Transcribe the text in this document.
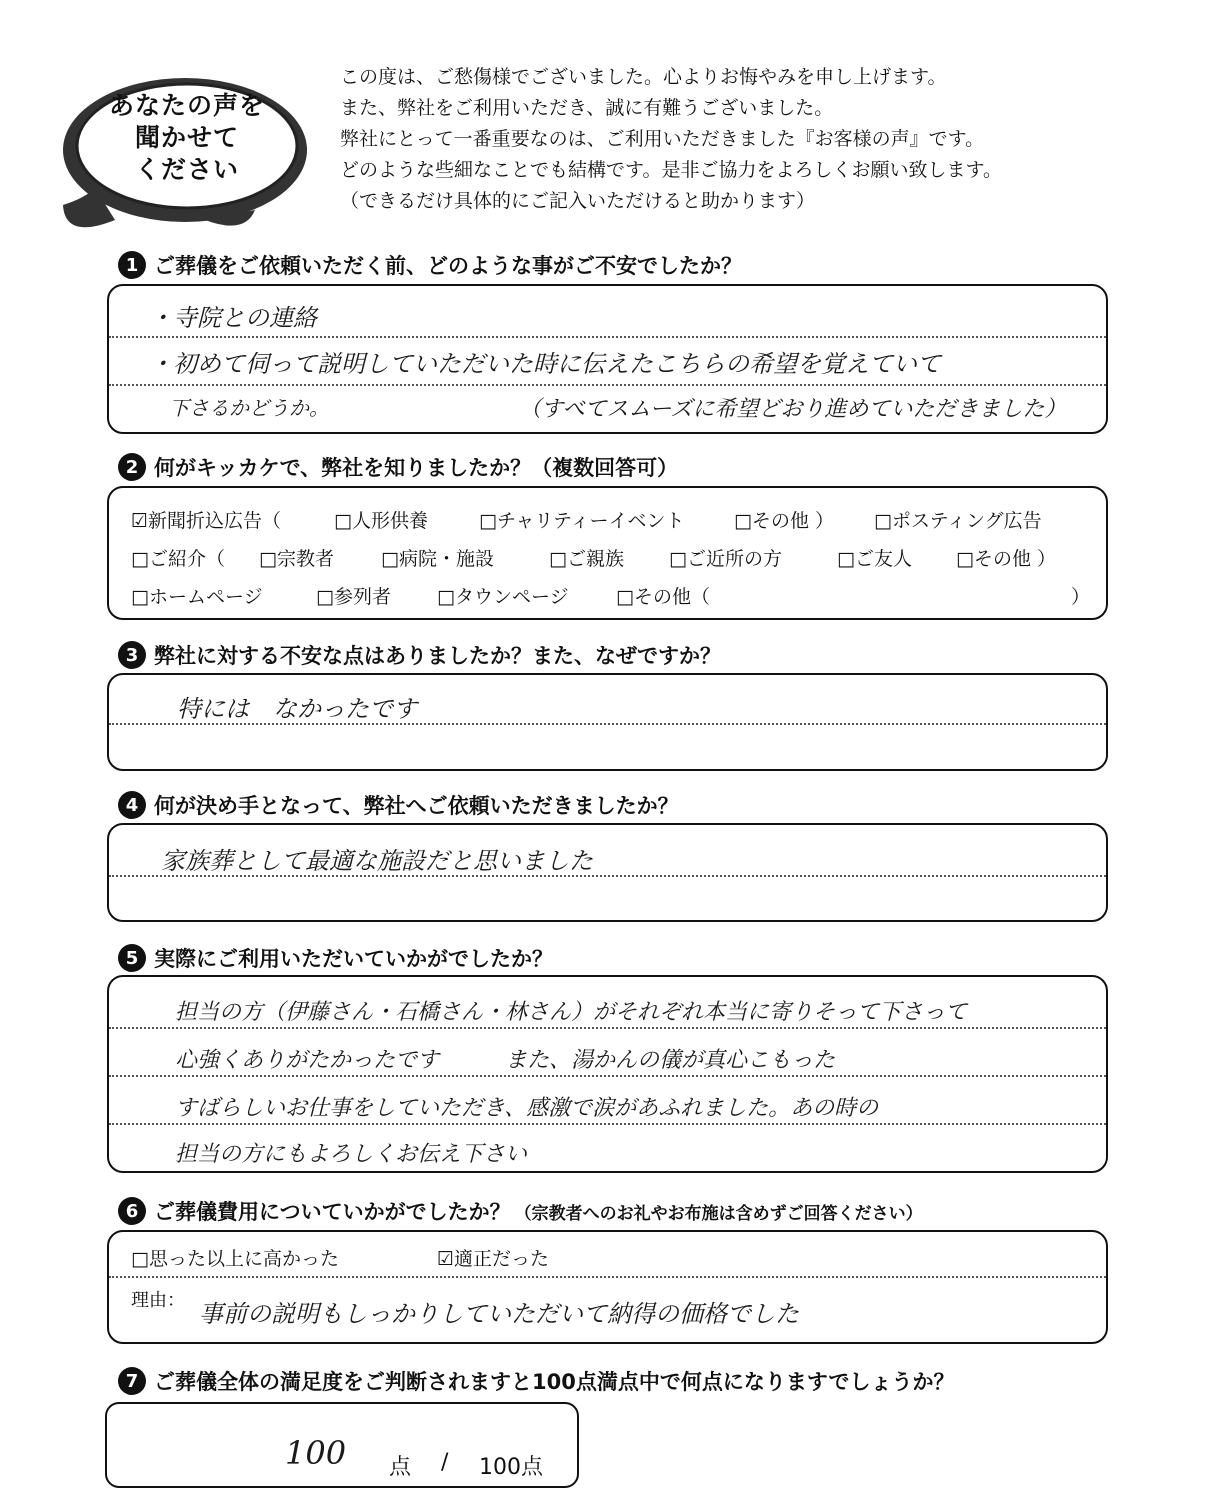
あなたの声を
聞かせて
ください
この度は、ご愁傷様でございました。心よりお悔やみを申し上げます。
また、弊社をご利用いただき、誠に有難うございました。
弊社にとって一番重要なのは、ご利用いただきました『お客様の声』です。
どのような些細なことでも結構です。是非ご協力をよろしくお願い致します。
（できるだけ具体的にご記入いただけると助かります）
1 ご葬儀をご依頼いただく前、どのような事がご不安でしたか？
・寺院との連絡
・初めて伺って説明していただいた時に伝えたこちらの希望を覚えていて
下さるかどうか。	（すべてスムーズに希望どおり進めていただきました）
2 何がキッカケで、弊社を知りましたか？（複数回答可）
☑新聞折込広告（	□人形供養	□チャリティーイベント	□その他 ） □ポスティング広告
□ご紹介（ □宗教者 □病院・施設	□ご親族 □ご近所の方	□ご友人 □その他 ）
□ホームページ	□参列者 □タウンページ □その他（	）
3 弊社に対する不安な点はありましたか？また、なぜですか？
特には　なかったです
4 何が決め手となって、弊社へご依頼いただきましたか？
家族葬として最適な施設だと思いました
5 実際にご利用いただいていかがでしたか？
担当の方（伊藤さん・石橋さん・林さん）がそれぞれ本当に寄りそって下さって
心強くありがたかったです　　　また、湯かんの儀が真心こもった
すばらしいお仕事をしていただき、感激で涙があふれました。あの時の
担当の方にもよろしくお伝え下さい
6 ご葬儀費用についていかがでしたか？ （宗教者へのお礼やお布施は含めずご回答ください）
□思った以上に高かった	☑適正だった
理由： 事前の説明もしっかりしていただいて納得の価格でした
7 ご葬儀全体の満足度をご判断されますと100点満点中で何点になりますでしょうか？
100 点 / 100点
